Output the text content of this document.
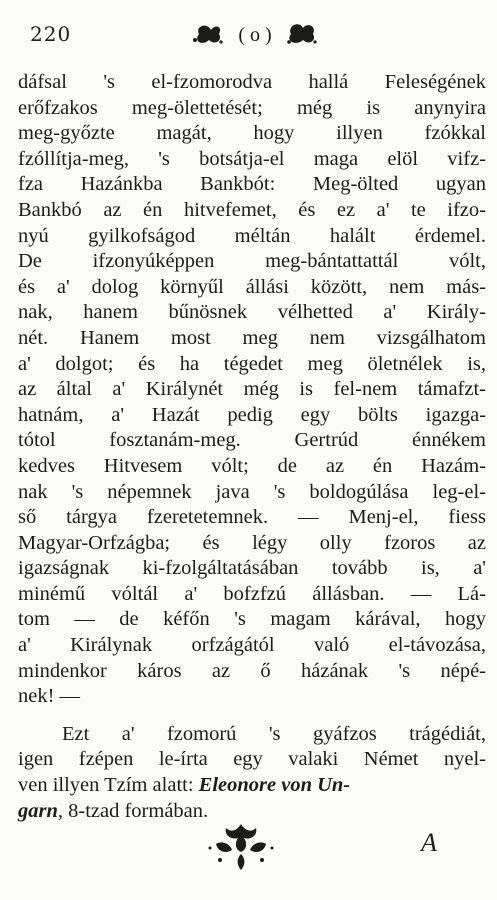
220	( o )
dáfsal 's el-fzomorodva hallá Feleségének
erőfzakos meg-ölettetését; még is anynyira
meg-győzte magát, hogy illyen fzókkal
fzóllítja-meg, 's botsátja-el maga elöl vifz-
fza Hazánkba Bankbót: Meg-ölted ugyan
Bankbó az én hitvefemet, és ez a' te ifzo-
nyú gyilkofságod méltán halált érdemel.
De ifzonyúképpen meg-bántattattál vólt,
és a' dolog környűl állási között, nem más-
nak, hanem bűnösnek vélhetted a' Király-
nét. Hanem most meg nem vizsgálhatom
a' dolgot; és ha tégedet meg öletnélek is,
az által a' Királynét még is fel-nem támafzt-
hatnám, a' Hazát pedig egy bölts igazga-
tótol fosztanám-meg. Gertrúd énnékem
kedves Hitvesem vólt; de az én Hazám-
nak 's népemnek java 's boldogúlása leg-el-
ső tárgya fzeretetemnek. — Menj-el, fiess
Magyar-Orfzágba; és légy olly fzoros az
igazságnak ki-fzolgáltatásában tovább is, a'
minémű vóltál a' bofzfzú állásban. — Lá-
tom — de kéfőn 's magam kárával, hogy
a' Királynak orfzágától való el-távozása,
mindenkor káros az ő házának 's népé-
nek! —
Ezt a' fzomorú 's gyáfzos trágédiát,
igen fzépen le-írta egy valaki Német nyel-
ven illyen Tzím alatt: Eleonore von Un-
garn, 8-tzad formában.
A
